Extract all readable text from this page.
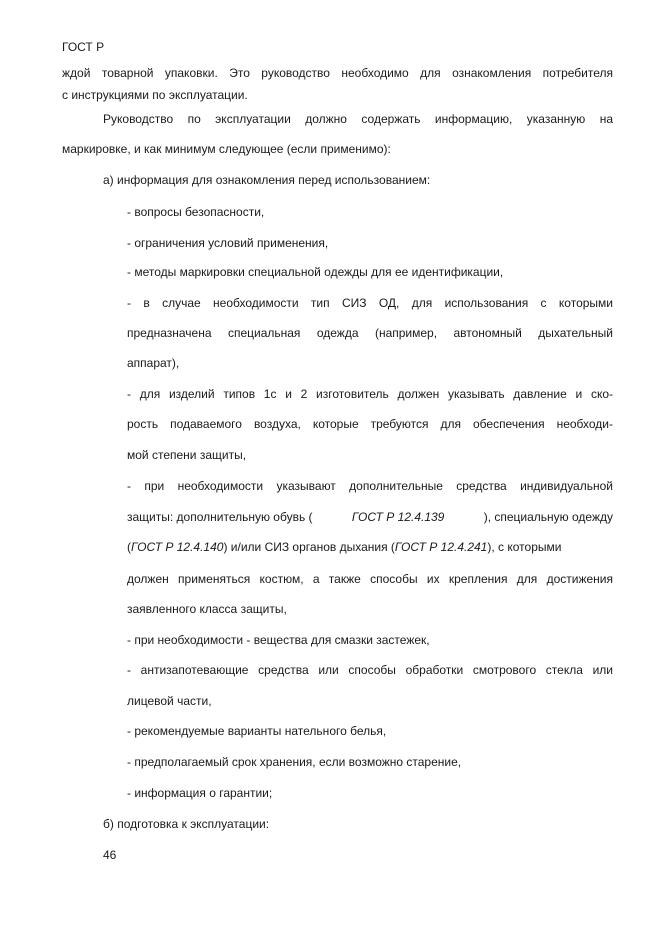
ГОСТ Р
ждой товарной упаковки. Это руководство необходимо для ознакомления потребителя
с инструкциями по эксплуатации.
Руководство по эксплуатации должно содержать информацию, указанную на
маркировке, и как минимум следующее (если применимо):
а) информация для ознакомления перед использованием:
- вопросы безопасности,
- ограничения условий применения,
- методы маркировки специальной одежды для ее идентификации,
- в случае необходимости тип СИЗ ОД, для использования с которыми
предназначена специальная одежда (например, автономный дыхательный
аппарат),
- для изделий типов 1с и 2 изготовитель должен указывать давление и ско-
рость подаваемого воздуха, которые требуются для обеспечения необходи-
мой степени защиты,
- при необходимости указывают дополнительные средства индивидуальной
защиты: дополнительную обувь (	ГОСТ Р 12.4.139	), специальную одежду
(ГОСТ Р 12.4.140) и/или СИЗ органов дыхания (ГОСТ Р 12.4.241), с которыми
должен применяться костюм, а также способы их крепления для достижения
заявленного класса защиты,
- при необходимости - вещества для смазки застежек,
- антизапотевающие средства или способы обработки смотрового стекла или
лицевой части,
- рекомендуемые варианты нательного белья,
- предполагаемый срок хранения, если возможно старение,
- информация о гарантии;
б) подготовка к эксплуатации:
46
